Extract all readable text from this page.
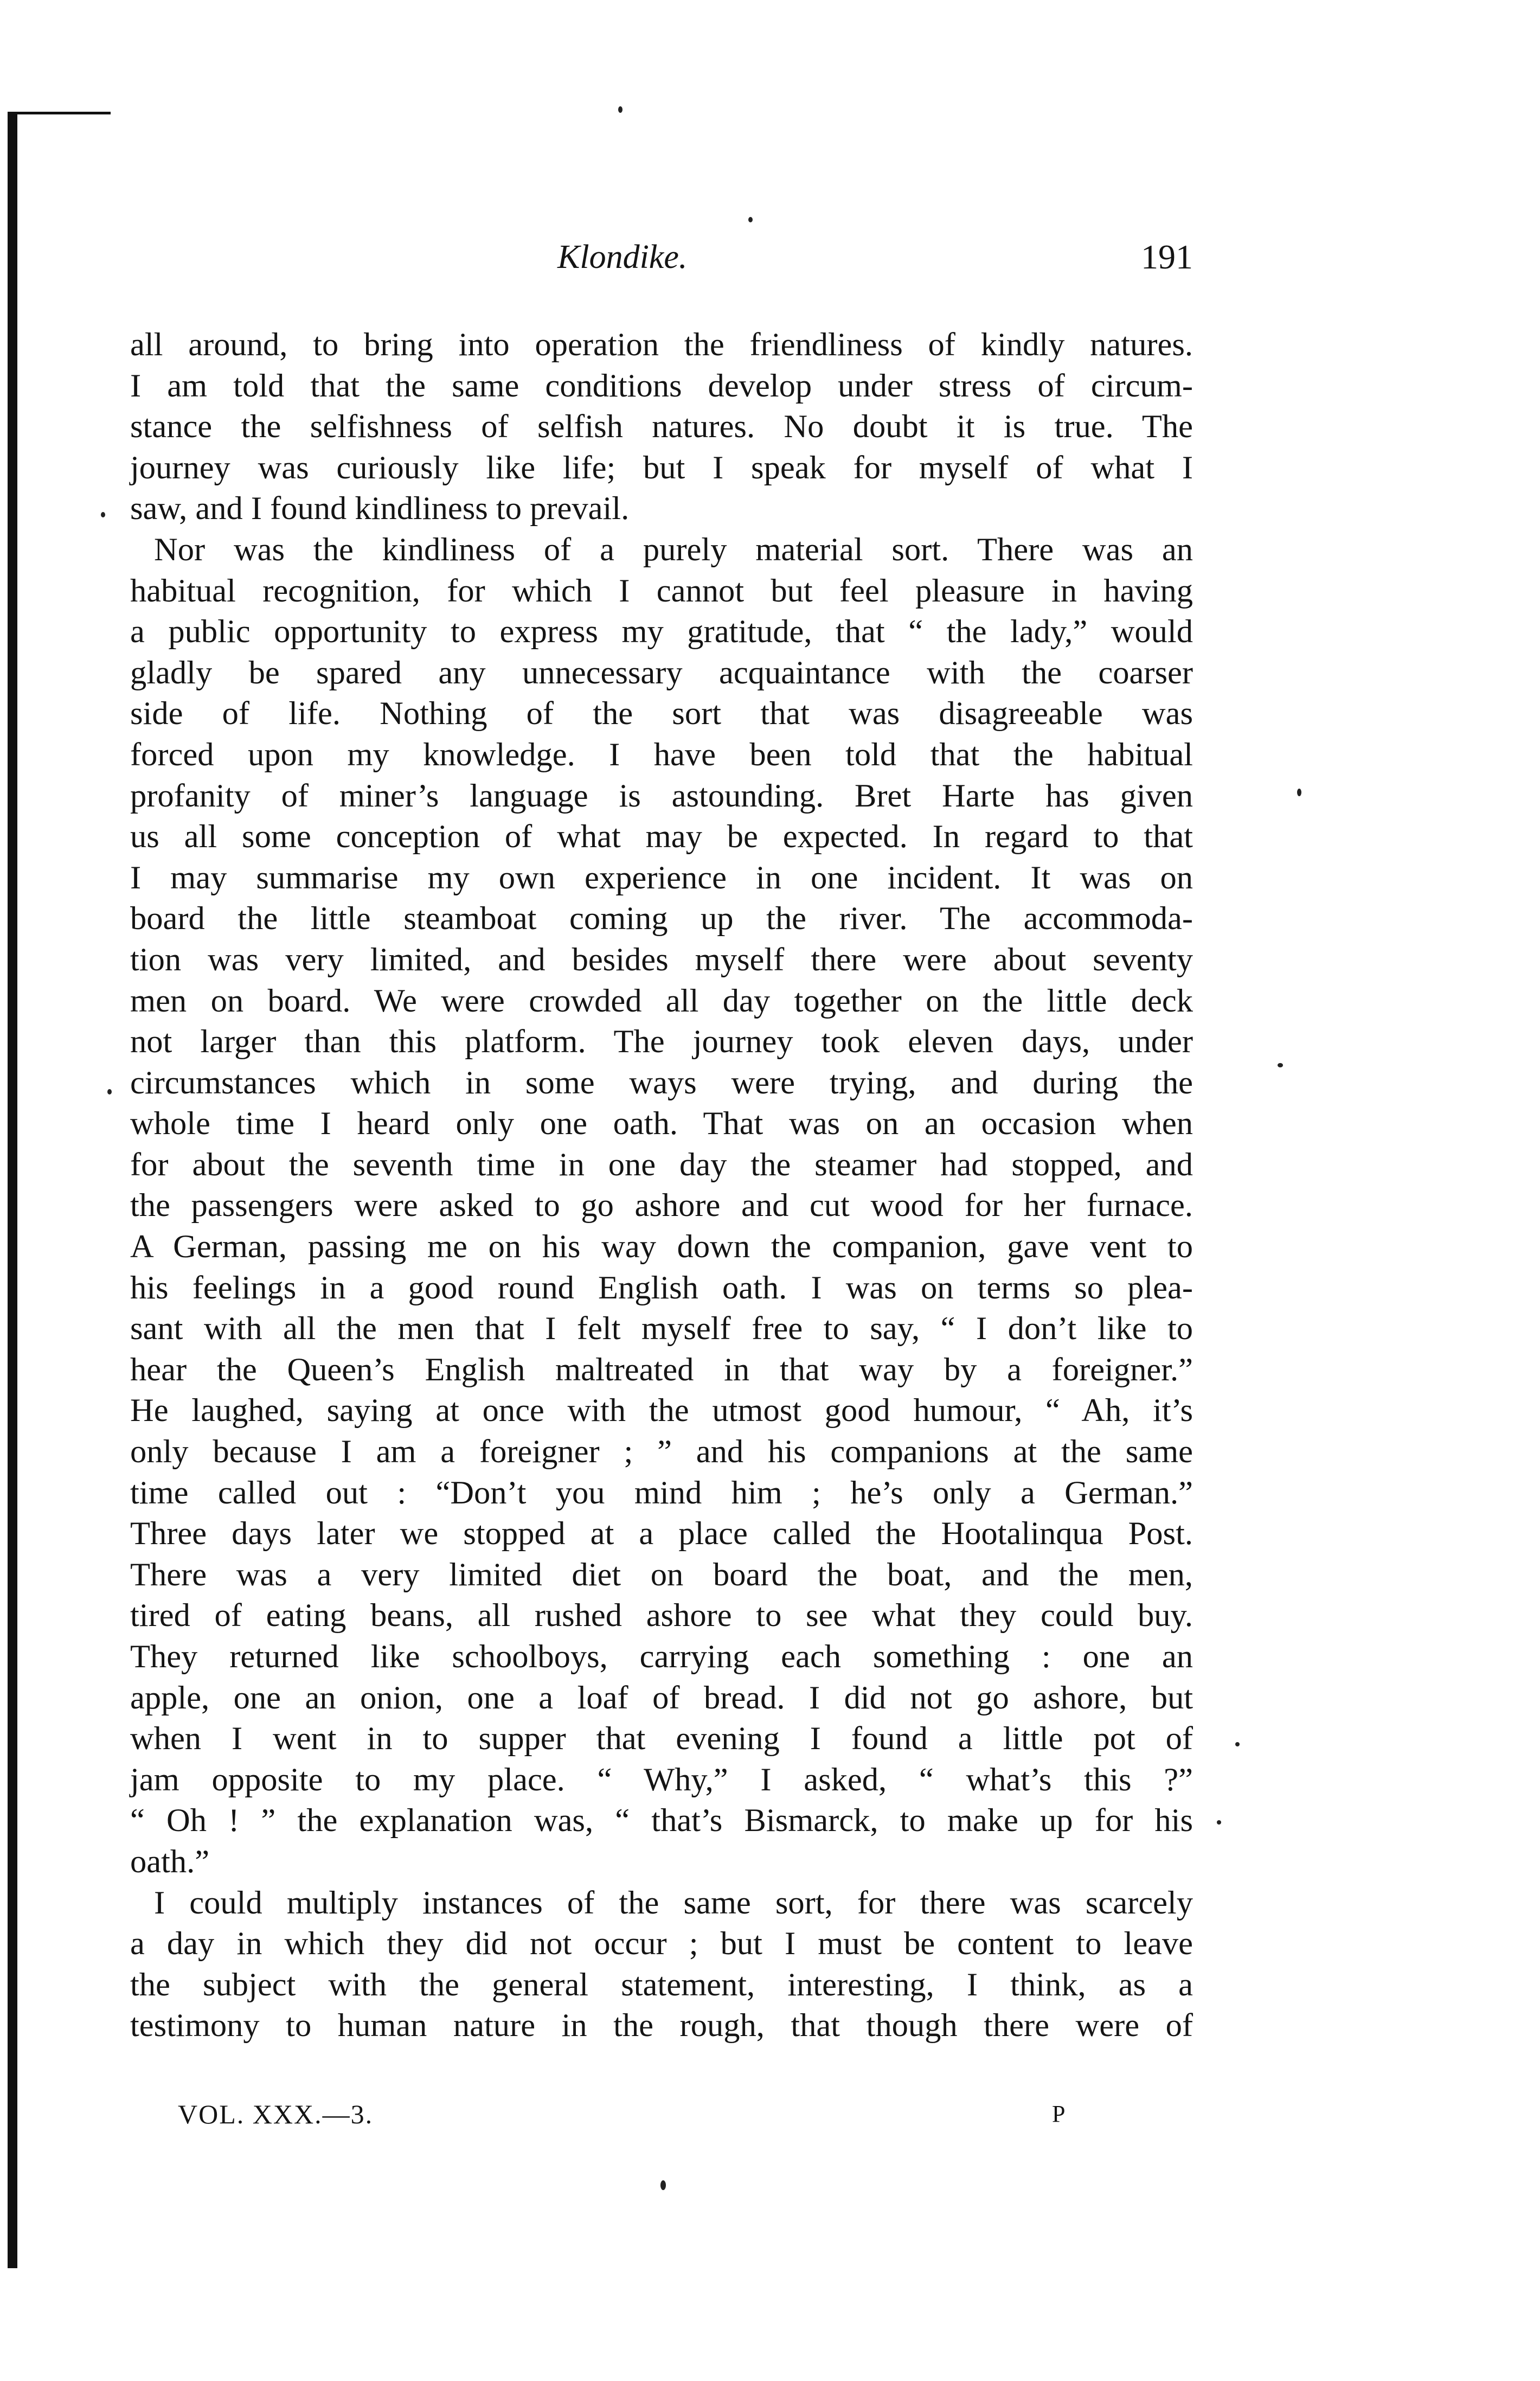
Klondike.	191
all around, to bring into operation the friendliness of kindly natures.
I am told that the same conditions develop under stress of circum-
stance the selfishness of selfish natures. No doubt it is true. The
journey was curiously like life; but I speak for myself of what I
saw, and I found kindliness to prevail.
Nor was the kindliness of a purely material sort. There was an
habitual recognition, for which I cannot but feel pleasure in having
a public opportunity to express my gratitude, that “ the lady,” would
gladly be spared any unnecessary acquaintance with the coarser
side of life. Nothing of the sort that was disagreeable was
forced upon my knowledge. I have been told that the habitual
profanity of miner’s language is astounding. Bret Harte has given
us all some conception of what may be expected. In regard to that
I may summarise my own experience in one incident. It was on
board the little steamboat coming up the river. The accommoda-
tion was very limited, and besides myself there were about seventy
men on board. We were crowded all day together on the little deck
not larger than this platform. The journey took eleven days, under
circumstances which in some ways were trying, and during the
whole time I heard only one oath. That was on an occasion when
for about the seventh time in one day the steamer had stopped, and
the passengers were asked to go ashore and cut wood for her furnace.
A German, passing me on his way down the companion, gave vent to
his feelings in a good round English oath. I was on terms so plea-
sant with all the men that I felt myself free to say, “ I don’t like to
hear the Queen’s English maltreated in that way by a foreigner.”
He laughed, saying at once with the utmost good humour, “ Ah, it’s
only because I am a foreigner ; ” and his companions at the same
time called out : “Don’t you mind him ; he’s only a German.”
Three days later we stopped at a place called the Hootalinqua Post.
There was a very limited diet on board the boat, and the men,
tired of eating beans, all rushed ashore to see what they could buy.
They returned like schoolboys, carrying each something : one an
apple, one an onion, one a loaf of bread. I did not go ashore, but
when I went in to supper that evening I found a little pot of
jam opposite to my place. “ Why,” I asked, “ what’s this ?”
“ Oh ! ” the explanation was, “ that’s Bismarck, to make up for his
oath.”
I could multiply instances of the same sort, for there was scarcely
a day in which they did not occur ; but I must be content to leave
the subject with the general statement, interesting, I think, as a
testimony to human nature in the rough, that though there were of
VOL. XXX.—3.	P
